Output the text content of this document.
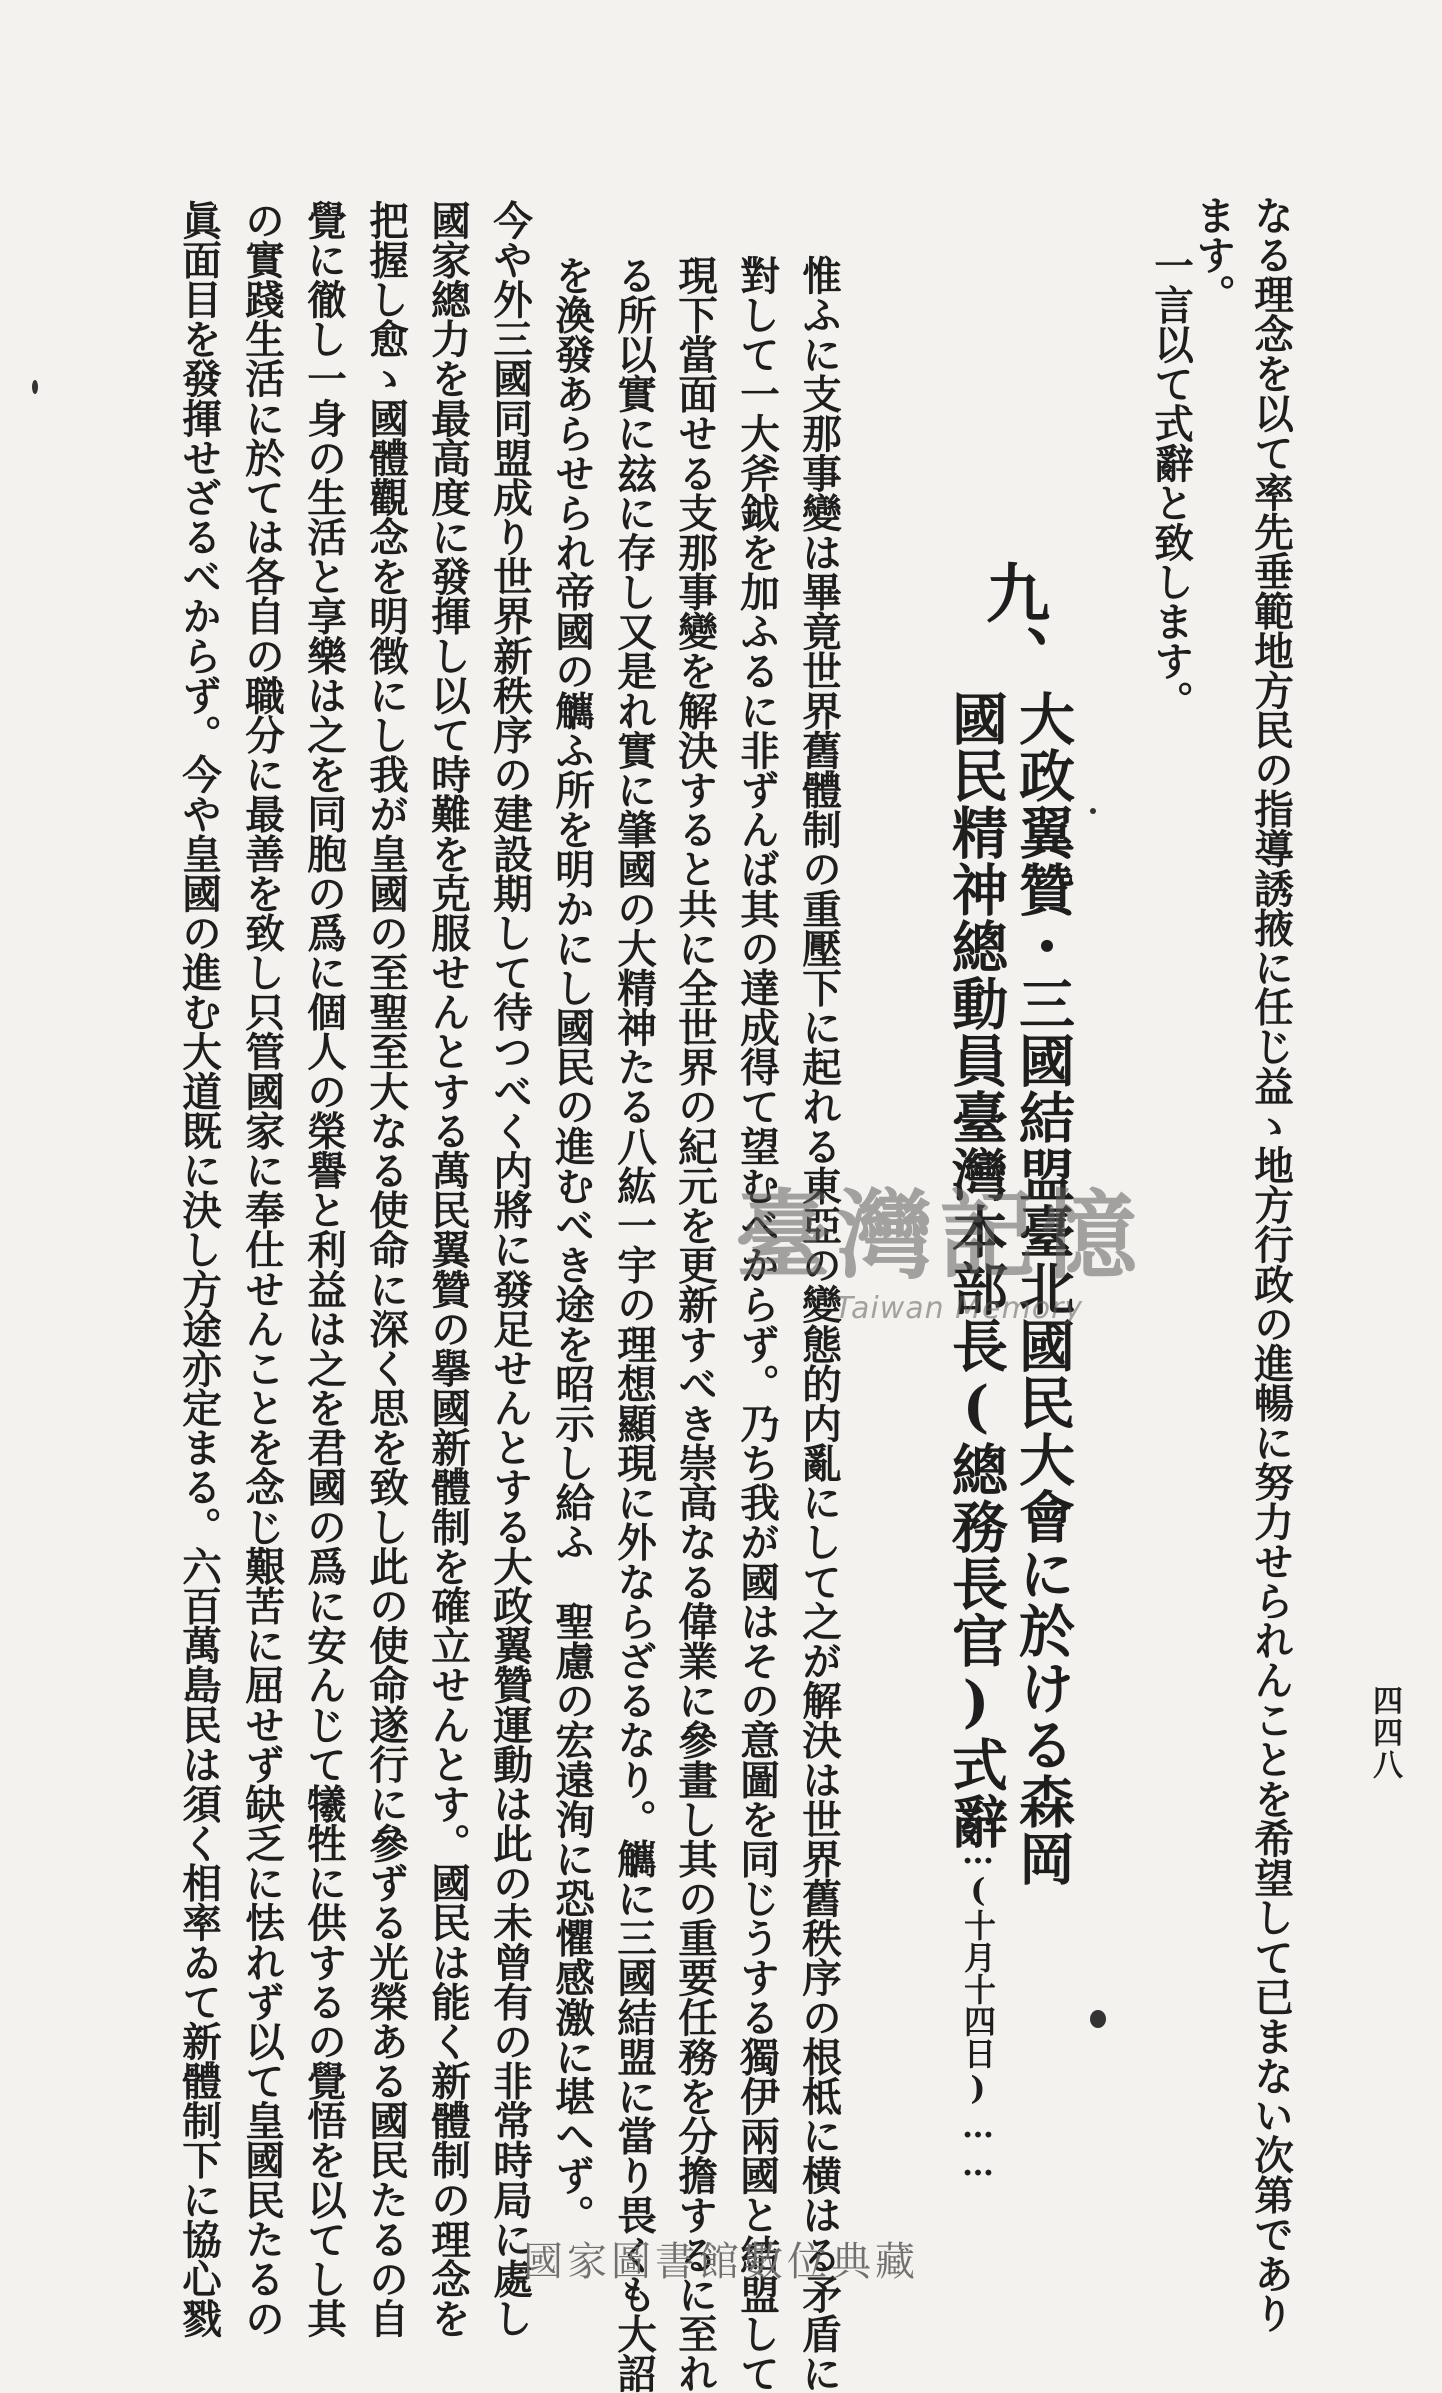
四四八
なる理念を以て率先垂範地方民の指導誘掖に任じ益ゝ地方行政の進暢に努力せられんことを希望して已まない次第であり
ます。
一言以て式辭と致します。
九、
大政翼贊・三國結盟臺北國民大會に於ける森岡
國民精神總動員臺灣本部長(總務長官)式辭
……(十月十四日)……
惟ふに支那事變は畢竟世界舊體制の重壓下に起れる東亞の變態的内亂にして之が解決は世界舊秩序の根柢に横はる矛盾に
對して一大斧鉞を加ふるに非ずんば其の達成得て望むべからず。乃ち我が國はその意圖を同じうする獨伊兩國と結盟して
現下當面せる支那事變を解決すると共に全世界の紀元を更新すべき崇高なる偉業に參畫し其の重要任務を分擔するに至れ
る所以實に玆に存し又是れ實に肇國の大精神たる八紘一宇の理想顯現に外ならざるなり。觽に三國結盟に當り畏くも大詔
を渙發あらせられ帝國の觽ふ所を明かにし國民の進むべき途を昭示し給ふ　聖慮の宏遠洵に恐懼感激に堪へず。
今や外三國同盟成り世界新秩序の建設期して待つべく内將に發足せんとする大政翼贊運動は此の未曾有の非常時局に處し
國家總力を最高度に發揮し以て時難を克服せんとする萬民翼贊の擧國新體制を確立せんとす。國民は能く新體制の理念を
把握し愈ゝ國體觀念を明徴にし我が皇國の至聖至大なる使命に深く思を致し此の使命遂行に參ずる光榮ある國民たるの自
覺に徹し一身の生活と享樂は之を同胞の爲に個人の榮譽と利益は之を君國の爲に安んじて犧牲に供するの覺悟を以てし其
の實踐生活に於ては各自の職分に最善を致し只管國家に奉仕せんことを念じ艱苦に屈せず缺乏に怯れず以て皇國民たるの
眞面目を發揮せざるべからず。今や皇國の進む大道既に決し方途亦定まる。六百萬島民は須く相率ゐて新體制下に協心戮	臺灣記憶
Taiwan Memory
國家圖書館數位典藏
